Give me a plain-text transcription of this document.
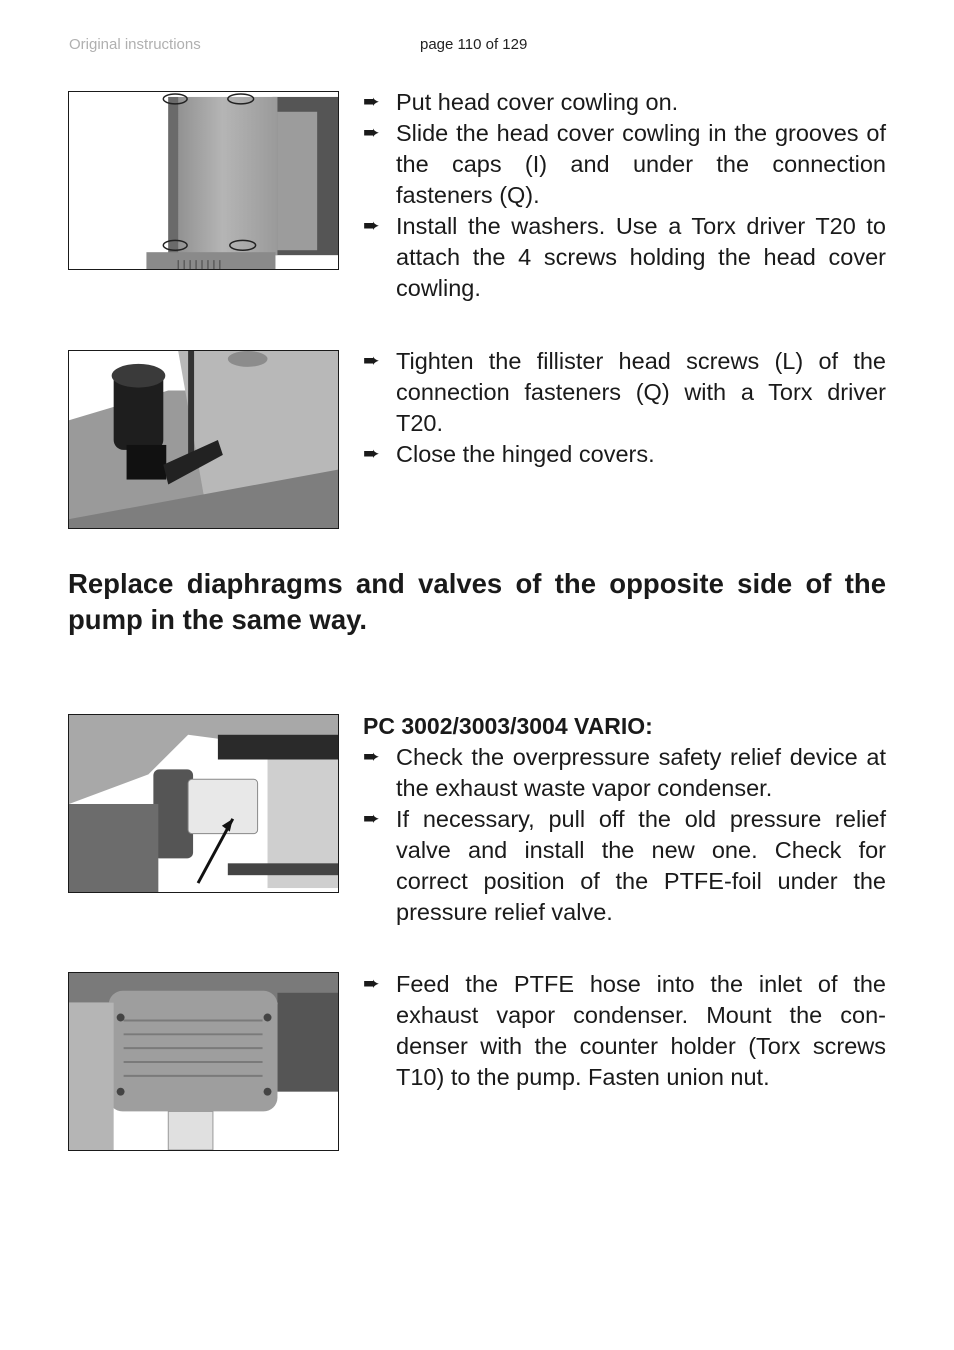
Original instructions	page 110 of 129
➨ Put head cover cowling on.
➨ Slide the head cover cowling in the grooves of the caps (I) and under the connection fasteners (Q).
➨ Install the washers. Use a Torx driver T20 to attach the 4 screws holding the head cover cowling.
➨ Tighten the fillister head screws (L) of the connection fasteners (Q) with a Torx driver T20.
➨ Close the hinged covers.
Replace diaphragms and valves of the opposite side of the pump in the same way.
PC 3002/3003/3004 VARIO:
➨ Check the overpressure safety relief device at the exhaust waste vapor condenser.
➨ If necessary, pull off the old pressure relief valve and install the new one. Check for correct position of the PTFE-foil under the pressure relief valve.
➨ Feed the PTFE hose into the inlet of the exhaust vapor condenser. Mount the con-denser with the counter holder (Torx screws T10) to the pump. Fasten union nut.
